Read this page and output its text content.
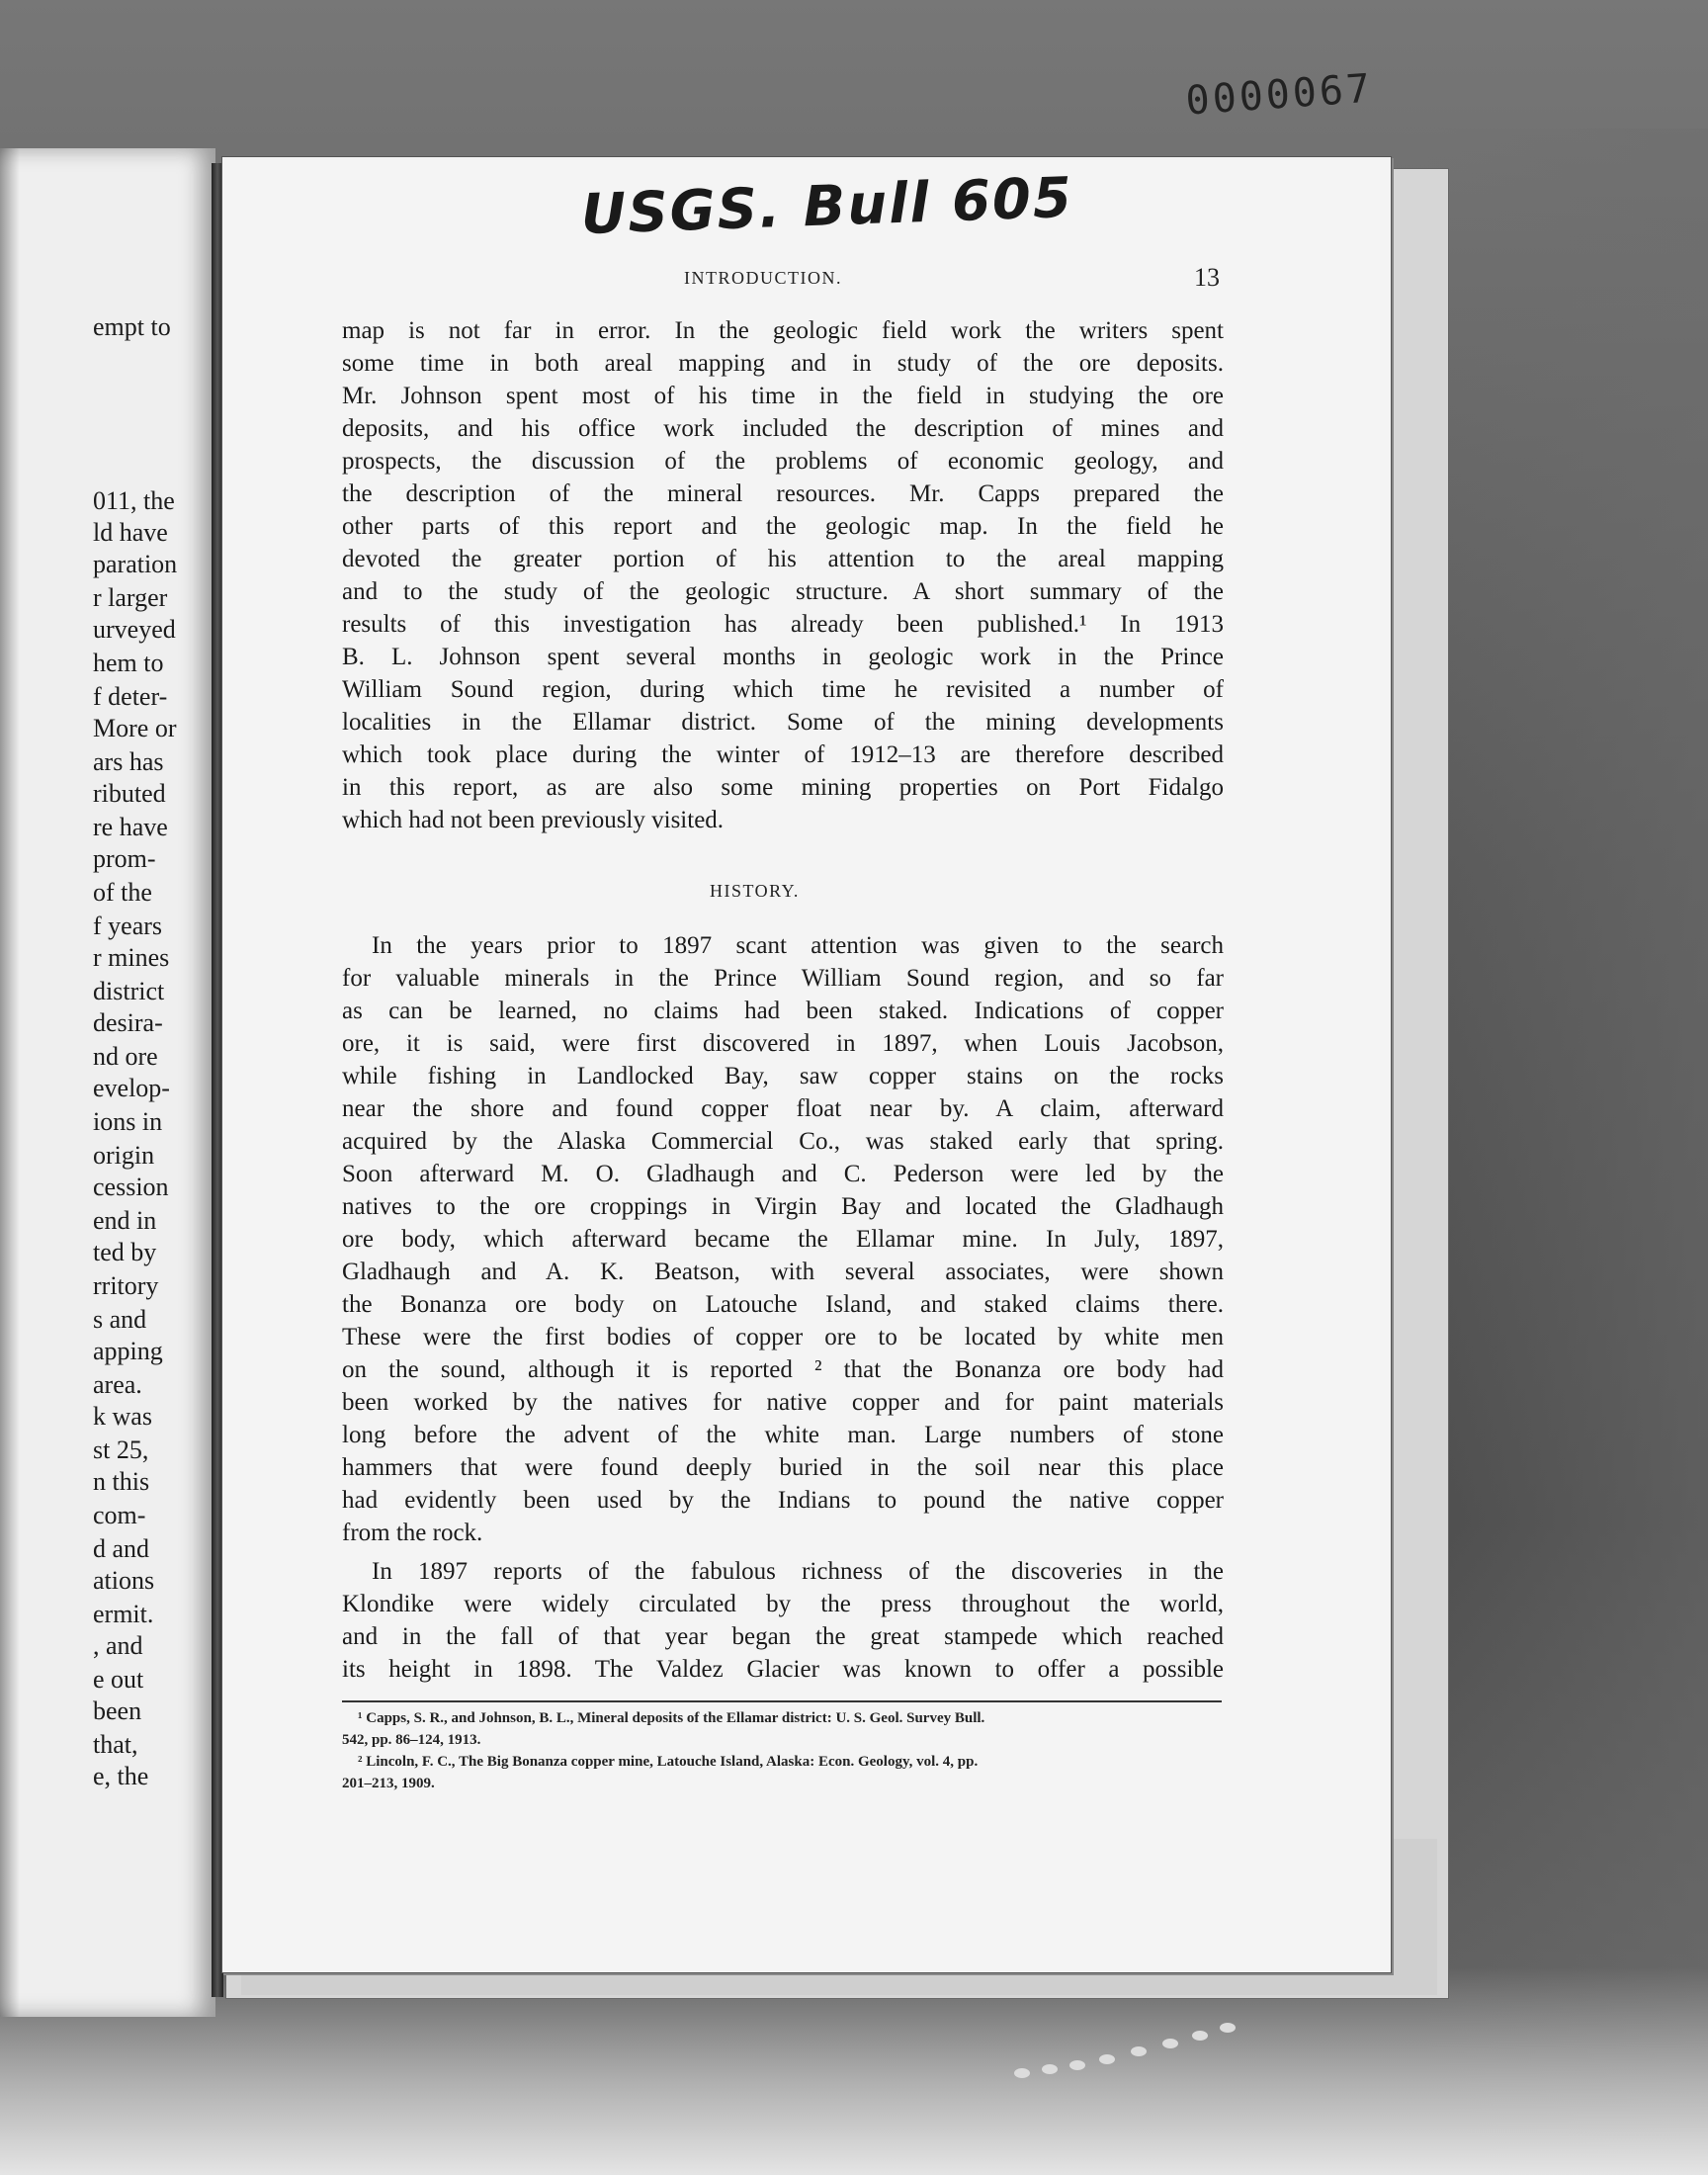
0000067
empt to
011, the
ld have
paration
r larger
urveyed
hem to
f deter-
More or
ars has
ributed
re have
prom-
of the
f years
r mines
district
desira-
nd ore
evelop-
ions in
origin
cession
end in
ted by
rritory
s and
apping
area.
k was
st 25,
n this
com-
d and
ations
ermit.
, and
e out
been
that,
e, the
USGS. Bull 605
INTRODUCTION.	13
map is not far in error. In the geologic field work the writers spent
some time in both areal mapping and in study of the ore deposits.
Mr. Johnson spent most of his time in the field in studying the ore
deposits, and his office work included the description of mines and
prospects, the discussion of the problems of economic geology, and
the description of the mineral resources. Mr. Capps prepared the
other parts of this report and the geologic map. In the field he
devoted the greater portion of his attention to the areal mapping
and to the study of the geologic structure. A short summary of the
results of this investigation has already been published.¹ In 1913
B. L. Johnson spent several months in geologic work in the Prince
William Sound region, during which time he revisited a number of
localities in the Ellamar district. Some of the mining developments
which took place during the winter of 1912–13 are therefore described
in this report, as are also some mining properties on Port Fidalgo
which had not been previously visited.
HISTORY.
In the years prior to 1897 scant attention was given to the search
for valuable minerals in the Prince William Sound region, and so far
as can be learned, no claims had been staked. Indications of copper
ore, it is said, were first discovered in 1897, when Louis Jacobson,
while fishing in Landlocked Bay, saw copper stains on the rocks
near the shore and found copper float near by. A claim, afterward
acquired by the Alaska Commercial Co., was staked early that spring.
Soon afterward M. O. Gladhaugh and C. Pederson were led by the
natives to the ore croppings in Virgin Bay and located the Gladhaugh
ore body, which afterward became the Ellamar mine. In July, 1897,
Gladhaugh and A. K. Beatson, with several associates, were shown
the Bonanza ore body on Latouche Island, and staked claims there.
These were the first bodies of copper ore to be located by white men
on the sound, although it is reported ² that the Bonanza ore body had
been worked by the natives for native copper and for paint materials
long before the advent of the white man. Large numbers of stone
hammers that were found deeply buried in the soil near this place
had evidently been used by the Indians to pound the native copper
from the rock.
In 1897 reports of the fabulous richness of the discoveries in the
Klondike were widely circulated by the press throughout the world,
and in the fall of that year began the great stampede which reached
its height in 1898. The Valdez Glacier was known to offer a possible
¹ Capps, S. R., and Johnson, B. L., Mineral deposits of the Ellamar district: U. S. Geol. Survey Bull.
542, pp. 86–124, 1913.
² Lincoln, F. C., The Big Bonanza copper mine, Latouche Island, Alaska: Econ. Geology, vol. 4, pp.
201–213, 1909.
